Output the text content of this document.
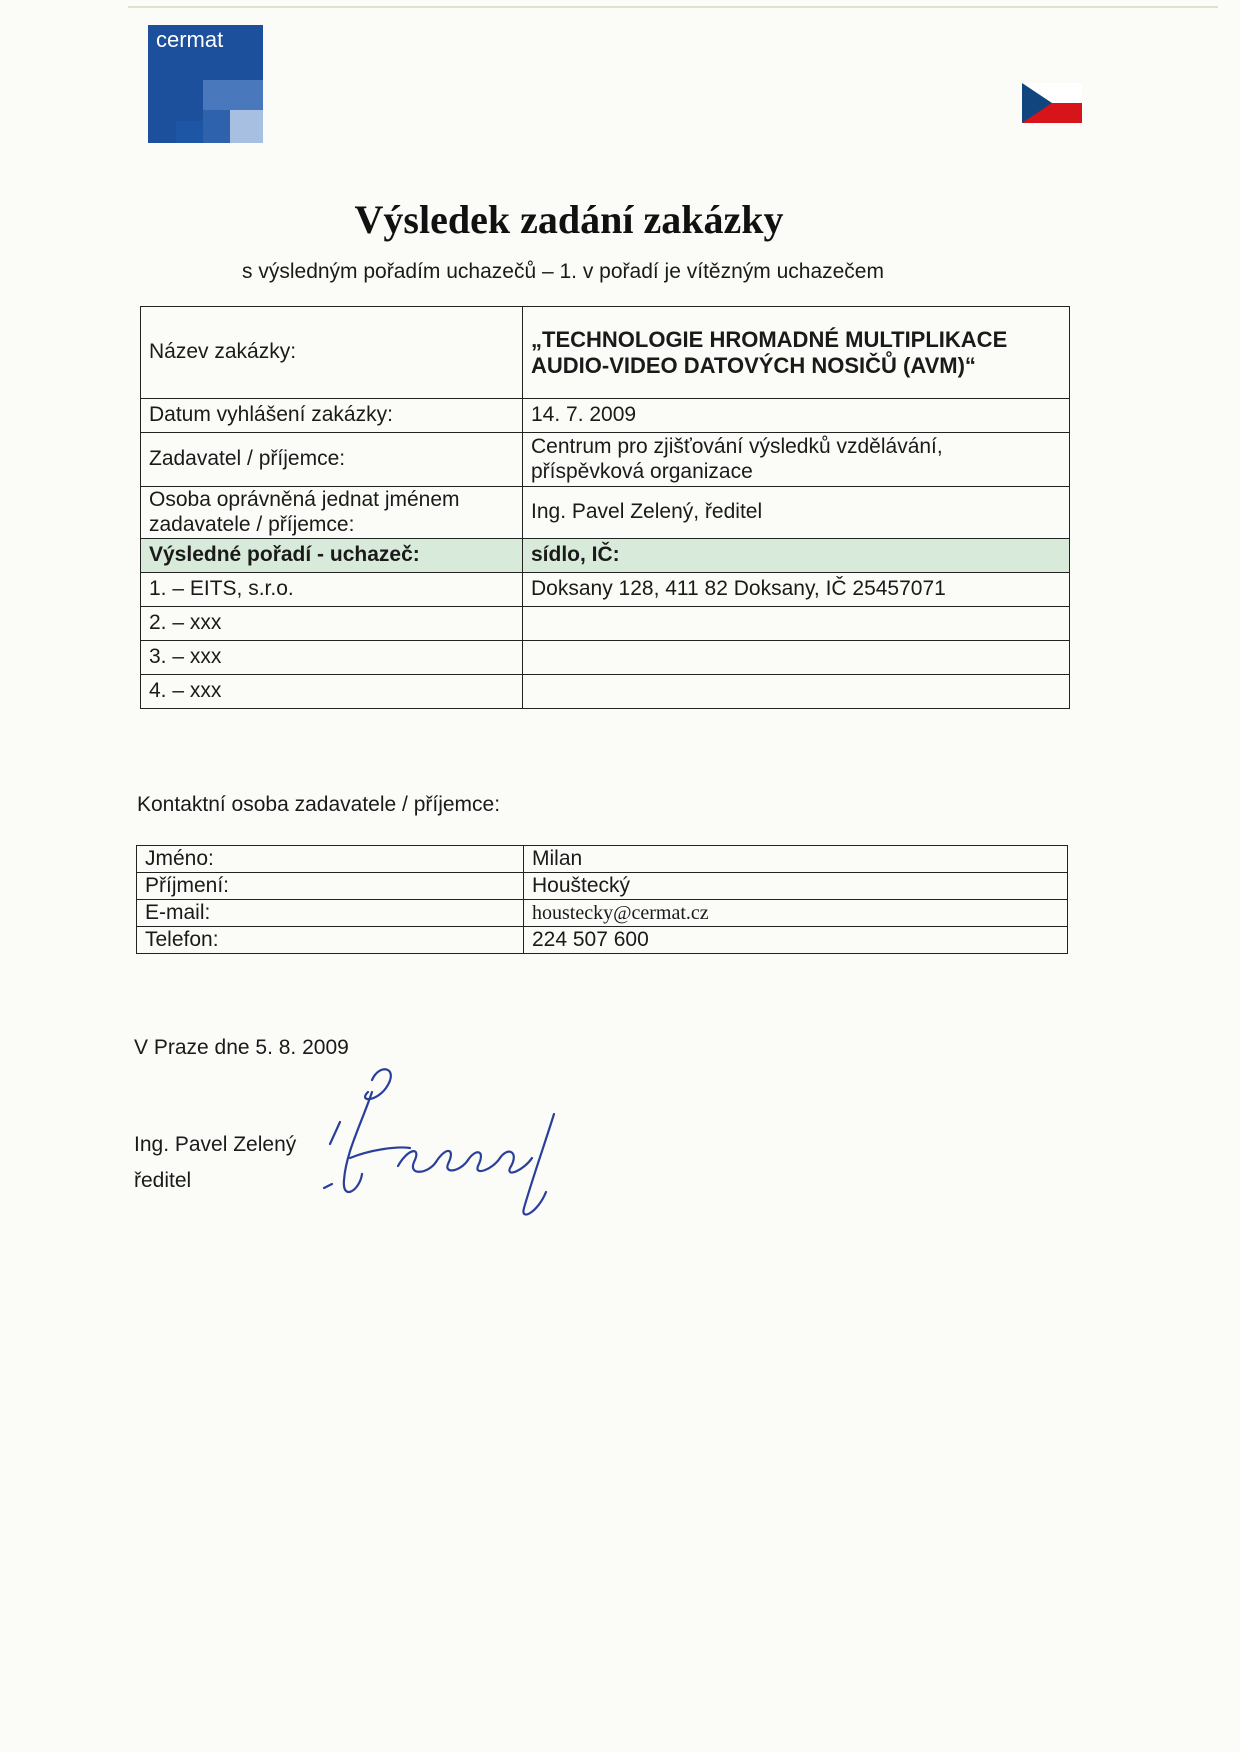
cermat
Výsledek zadání zakázky
s výsledným pořadím uchazečů – 1. v pořadí je vítězným uchazečem
Název zakázky:	„TECHNOLOGIE HROMADNÉ MULTIPLIKACE
AUDIO-VIDEO DATOVÝCH NOSIČŮ (AVM)“

Datum vyhlášení zakázky:	14. 7. 2009
Zadavatel / příjemce:	Centrum pro zjišťování výsledků vzdělávání,
příspěvková organizace

Osoba oprávněná jednat jménem
zadavatele / příjemce:	Ing. Pavel Zelený, ředitel
Výsledné pořadí - uchazeč:	sídlo, IČ:
1. – EITS, s.r.o.	Doksany 128, 411 82 Doksany, IČ 25457071
2. – xxx	
3. – xxx	
4. – xxx	
Kontaktní osoba zadavatele / příjemce:
Jméno:	Milan
Příjmení:	Houštecký
E-mail:	houstecky@cermat.cz
Telefon:	224 507 600
V Praze dne 5. 8. 2009
Ing. Pavel Zelený
ředitel
